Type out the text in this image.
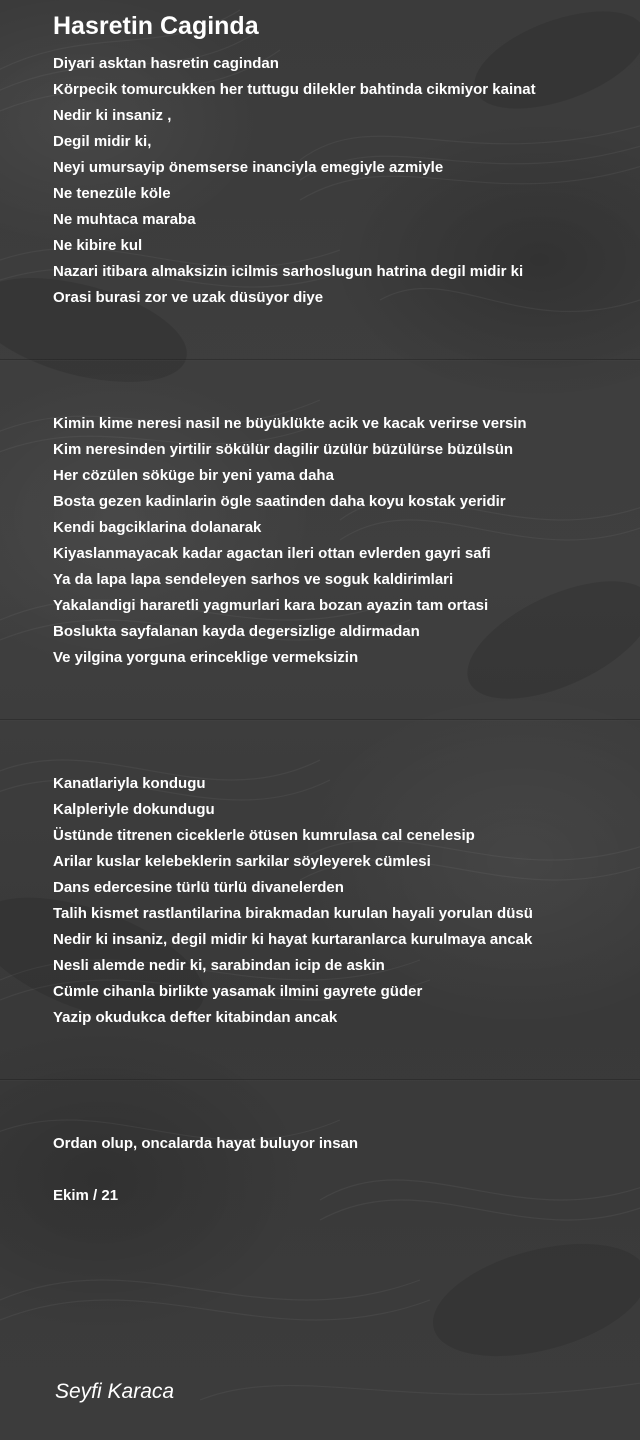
Hasretin Caginda
Diyari asktan hasretin cagindan
Körpecik tomurcukken her tuttugu dilekler bahtinda cikmiyor kainat
Nedir ki insaniz ,
Degil midir ki,
Neyi umursayip önemserse inanciyla emegiyle azmiyle
Ne tenezüle köle
Ne muhtaca maraba
Ne kibire kul
Nazari itibara almaksizin icilmis sarhoslugun hatrina degil midir ki
Orasi burasi zor ve uzak düsüyor diye
Kimin kime neresi nasil ne büyüklükte acik ve kacak verirse versin
Kim neresinden yirtilir sökülür dagilir üzülür büzülürse büzülsün
Her cözülen söküge bir yeni yama daha
Bosta gezen kadinlarin ögle saatinden daha koyu kostak yeridir
Kendi bagciklarina dolanarak
Kiyaslanmayacak kadar agactan ileri ottan evlerden gayri safi
Ya da lapa lapa sendeleyen sarhos ve soguk kaldirimlari
Yakalandigi hararetli yagmurlari kara bozan ayazin tam ortasi
Boslukta sayfalanan kayda degersizlige aldirmadan
Ve yilgina yorguna erinceklige vermeksizin
Kanatlariyla kondugu
Kalpleriyle dokundugu
Üstünde titrenen ciceklerle ötüsen kumrulasa cal cenelesip
Arilar kuslar kelebeklerin sarkilar söyleyerek cümlesi
Dans edercesine türlü türlü divanelerden
Talih kismet rastlantilarina birakmadan kurulan hayali yorulan düsü
Nedir ki insaniz, degil midir ki hayat kurtaranlarca kurulmaya ancak
Nesli alemde nedir ki, sarabindan icip de askin
Cümle cihanla birlikte yasamak ilmini gayrete güder
Yazip okudukca defter kitabindan ancak
Ordan olup, oncalarda hayat buluyor insan
Ekim / 21
Seyfi Karaca
